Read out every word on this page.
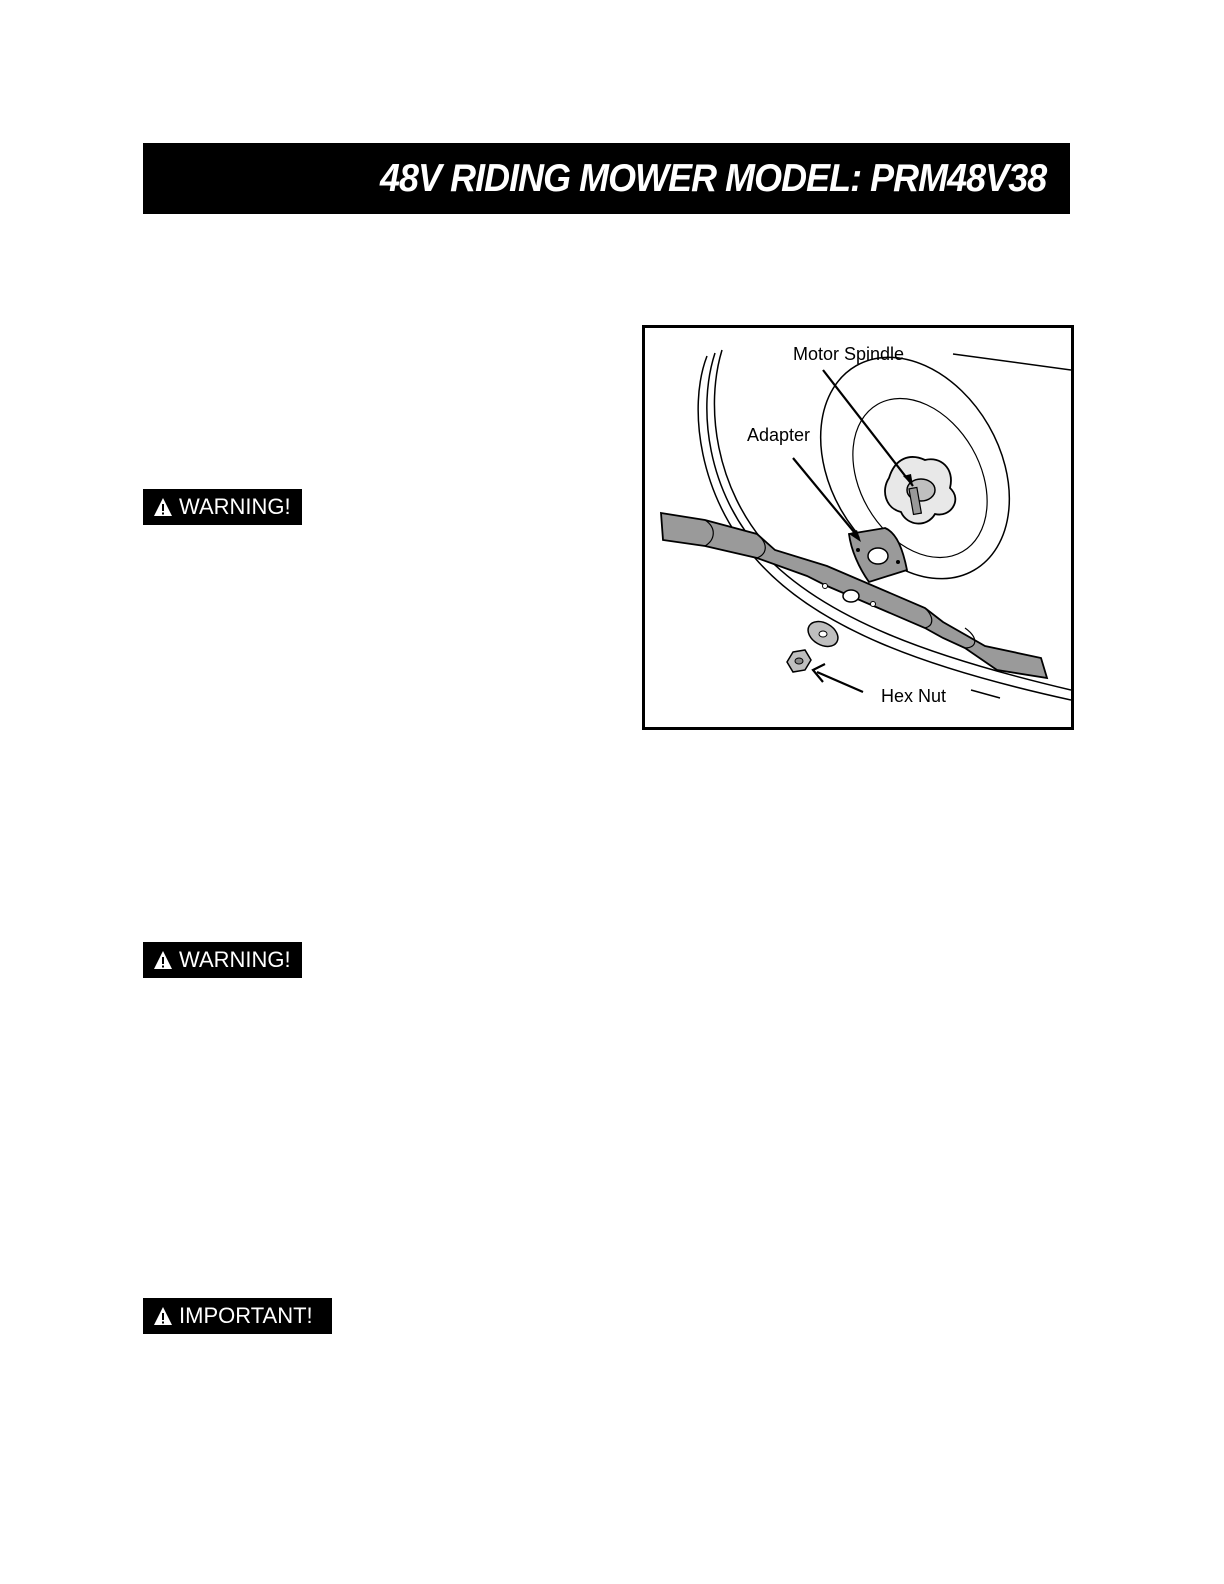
48V RIDING MOWER MODEL: PRM48V38
WARNING!
Motor Spindle
Adapter
Hex Nut
WARNING!
IMPORTANT!
